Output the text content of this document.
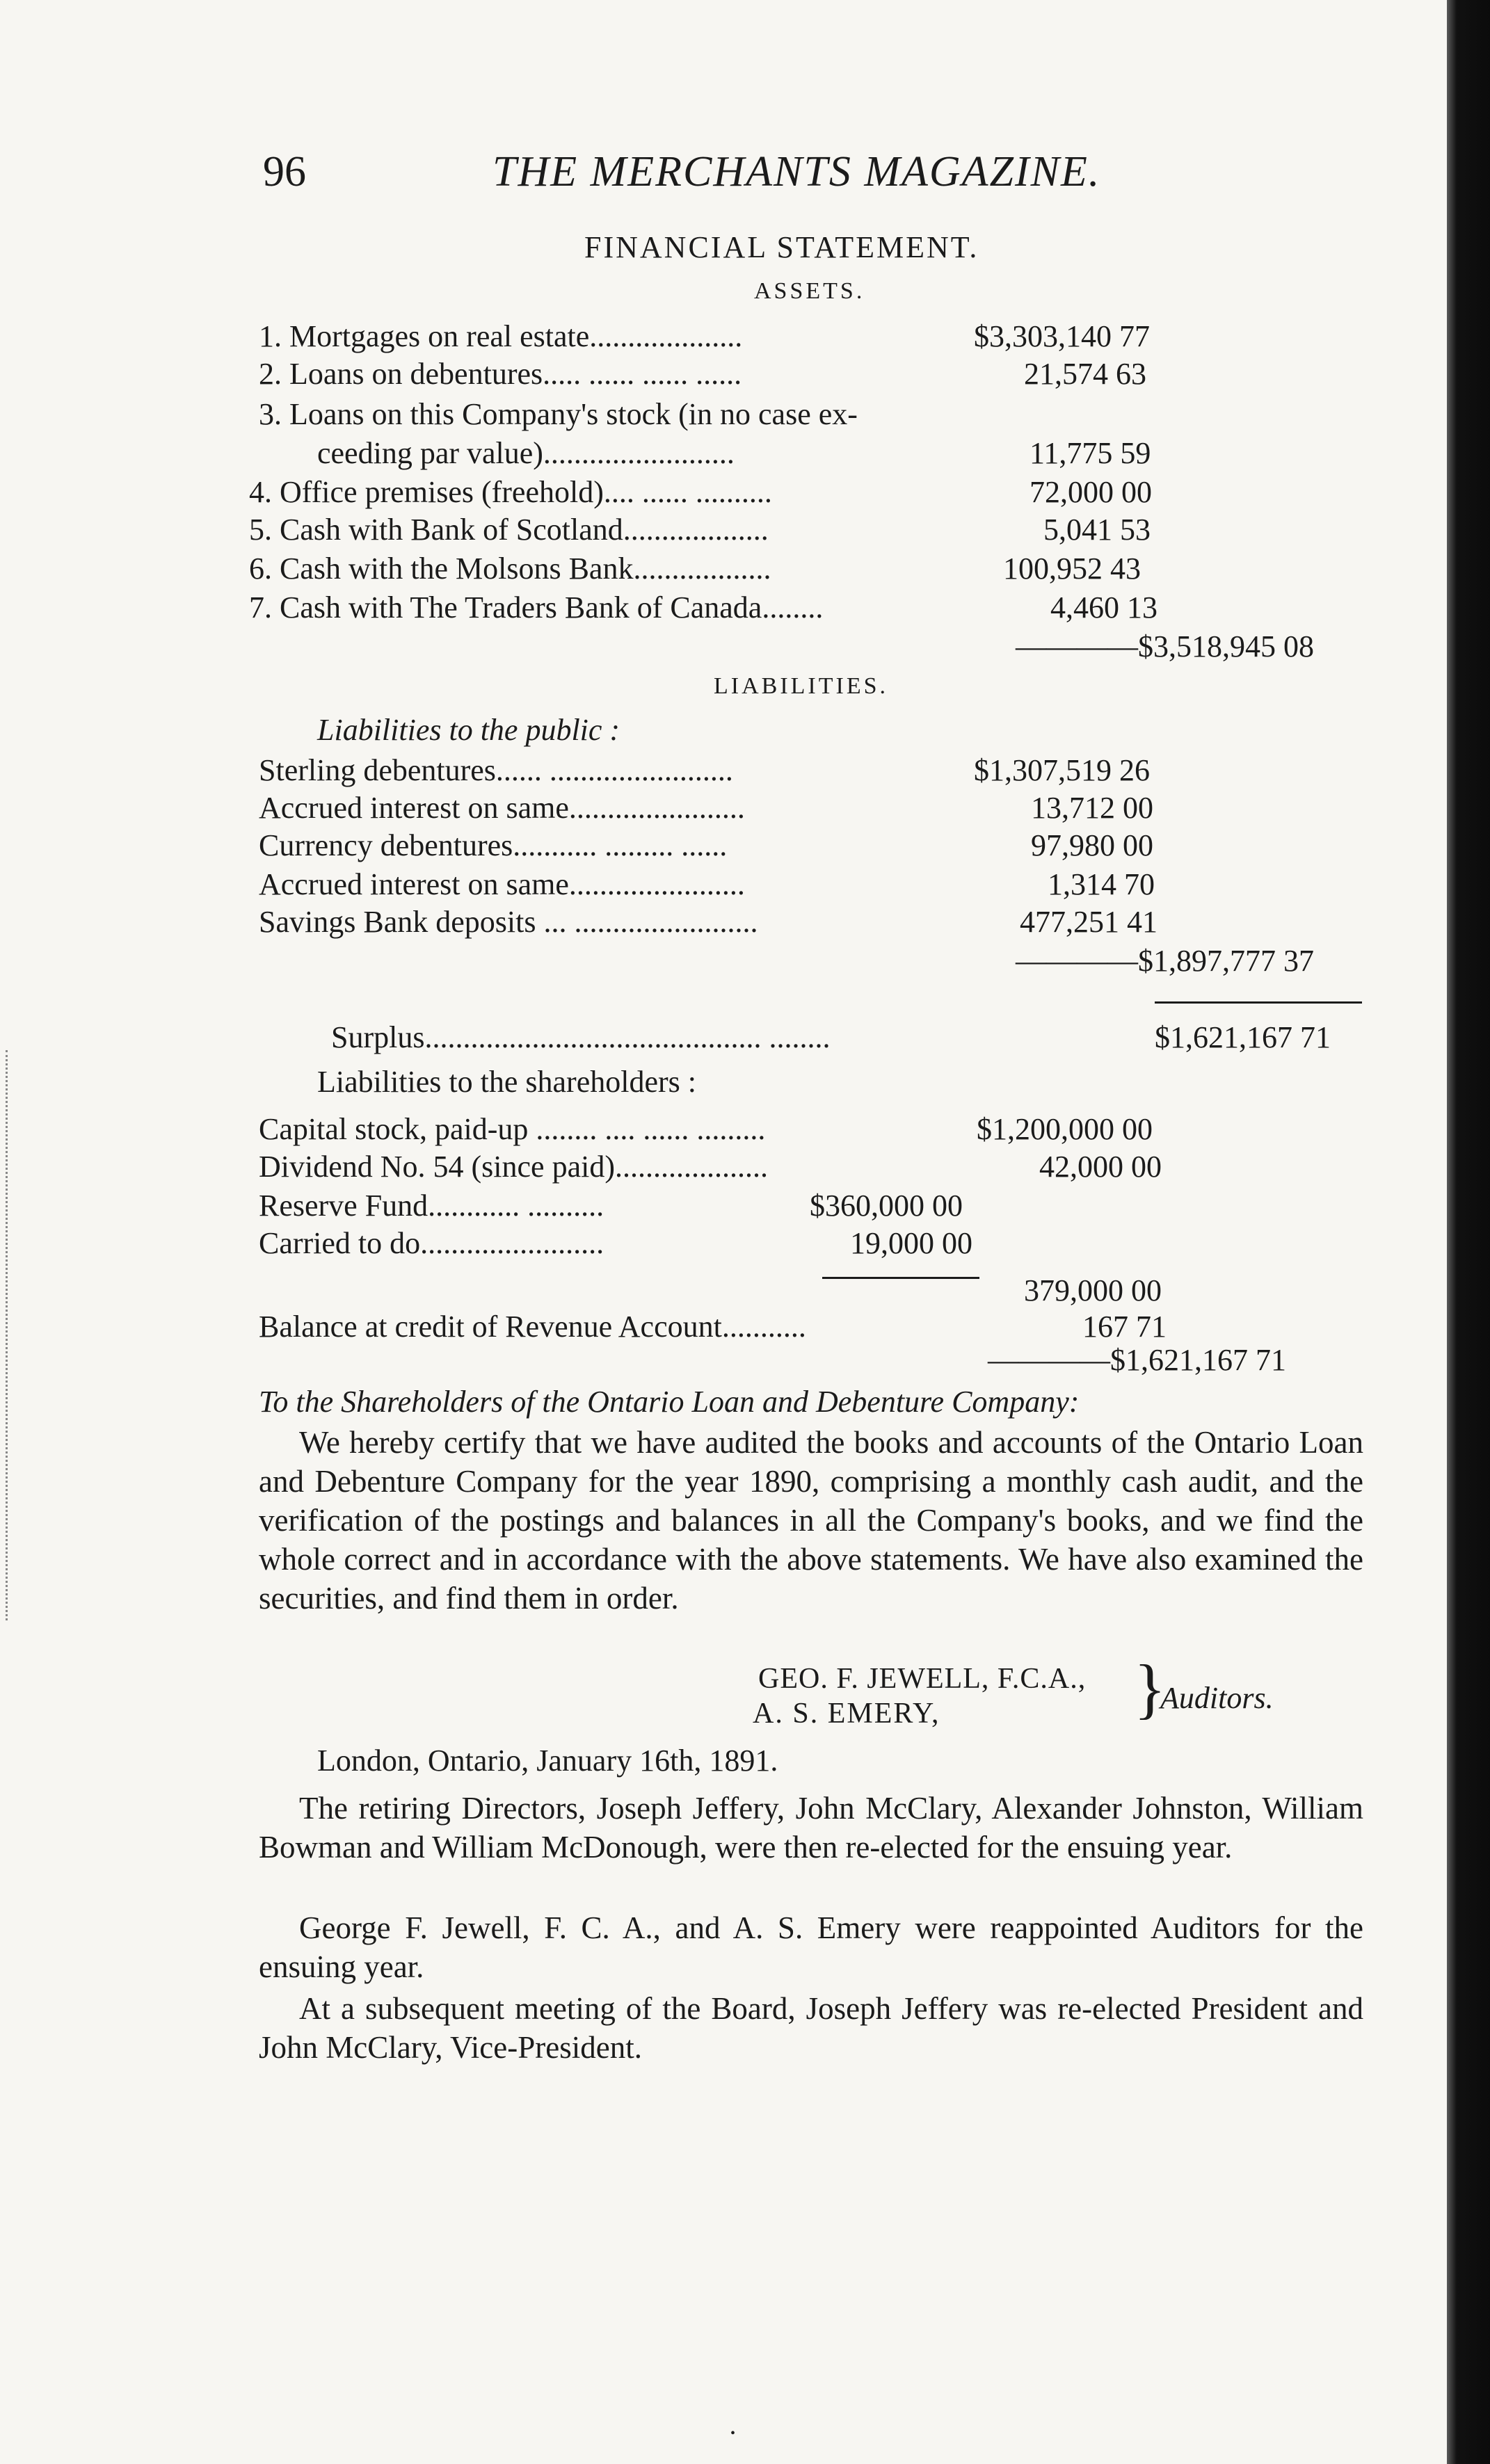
96	THE MERCHANTS MAGAZINE.
FINANCIAL STATEMENT.
ASSETS.
1. Mortgages on real estate....................	$3,303,140 77
2. Loans on debentures..... ...... ...... ......	21,574 63
3. Loans on this Company's stock (in no case ex-
ceeding par value).........................	11,775 59
4. Office premises (freehold).... ...... ..........	72,000 00
5. Cash with Bank of Scotland...................	5,041 53
6. Cash with the Molsons Bank..................	100,952 43
7. Cash with The Traders Bank of Canada........	4,460 13
————$3,518,945 08
LIABILITIES.
Liabilities to the public :
Sterling debentures...... ........................	$1,307,519 26
Accrued interest on same.......................	13,712 00
Currency debentures........... ......... ......	97,980 00
Accrued interest on same.......................	1,314 70
Savings Bank deposits ... ........................	477,251 41
————$1,897,777 37
Surplus............................................ ........	$1,621,167 71
Liabilities to the shareholders :
Capital stock, paid-up ........ .... ...... .........	$1,200,000 00
Dividend No. 54 (since paid)....................	42,000 00
Reserve Fund............ ..........	$360,000 00
Carried to do........................	19,000 00
379,000 00
Balance at credit of Revenue Account...........	167 71
————$1,621,167 71
To the Shareholders of the Ontario Loan and Debenture Company:
We hereby certify that we have audited the books and accounts of the Ontario Loan and Debenture Company for the year 1890, comprising a monthly cash audit, and the verification of the postings and balances in all the Company's books, and we find the whole correct and in accordance with the above statements. We have also examined the securities, and find them in order.
GEO. F. JEWELL, F.C.A.,
A. S. EMERY,	}
Auditors.
London, Ontario, January 16th, 1891.
The retiring Directors, Joseph Jeffery, John McClary, Alexander Johnston, William Bowman and William McDonough, were then re-elected for the ensuing year.
George F. Jewell, F. C. A., and A. S. Emery were reappointed Auditors for the ensuing year.
At a subsequent meeting of the Board, Joseph Jeffery was re-elected President and John McClary, Vice-President.
•
